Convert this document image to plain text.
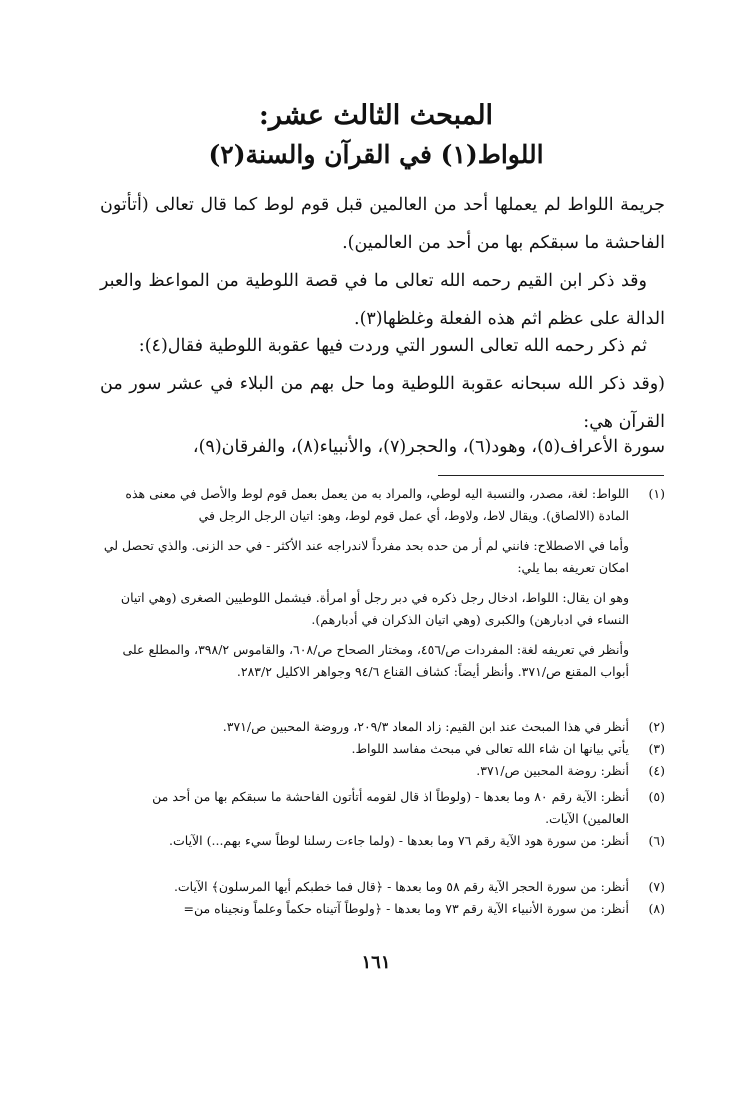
المبحث الثالث عشر:
اللواط(١) في القرآن والسنة(٢)

جريمة اللواط لم يعملها أحد من العالمين قبل قوم لوط كما قال تعالى (أتأتون الفاحشة ما سبقكم بها من أحد من العالمين).

وقد ذكر ابن القيم رحمه الله تعالى ما في قصة اللوطية من المواعظ والعبر الدالة على عظم اثم هذه الفعلة وغلظها(٣).

ثم ذكر رحمه الله تعالى السور التي وردت فيها عقوبة اللوطية فقال(٤):

(وقد ذكر الله سبحانه عقوبة اللوطية وما حل بهم من البلاء في عشر سور من القرآن هي:

سورة الأعراف(٥)، وهود(٦)، والحجر(٧)، والأنبياء(٨)، والفرقان(٩)،
(١)

اللواط: لغة، مصدر، والنسبة اليه لوطي، والمراد به من يعمل بعمل قوم لوط والأصل في معنى هذه المادة (الالصاق). ويقال لاط، ولاوط، أي عمل قوم لوط، وهو: اتيان الرجل الرجل في

وأما في الاصطلاح: فانني لم أر من حده بحد مفرداً لاندراجه عند الأكثر - في حد الزنى. والذي تحصل لي امكان تعريفه بما يلي:

وهو ان يقال: اللواط، ادخال رجل ذكره في دبر رجل أو امرأة. فيشمل اللوطيين الصغرى (وهي اتيان النساء في ادبارهن) والكبرى (وهي اتيان الذكران في أدبارهم).

وأنظر في تعريفه لغة: المفردات ص/٤٥٦، ومختار الصحاح ص/٦٠٨، والقاموس ٣٩٨/٢، والمطلع على أبواب المقنع ص/٣٧١. وأنظر أيضاً: كشاف القناع ٩٤/٦ وجواهر الاكليل ٢٨٣/٢.

(٢)

أنظر في هذا المبحث عند ابن القيم: زاد المعاد ٢٠٩/٣، وروضة المحبين ص/٣٧١.

(٣)

يأتي بيانها ان شاء الله تعالى في مبحث مفاسد اللواط.

(٤)

أنظر: روضة المحبين ص/٣٧١.

(٥)

أنظر: الآية رقم ٨٠ وما بعدها - (ولوطاً اذ قال لقومه أتأتون الفاحشة ما سبقكم بها من أحد من العالمين) الآيات.

(٦)

أنظر: من سورة هود الآية رقم ٧٦ وما بعدها - (ولما جاءت رسلنا لوطاً سيء بهم...) الآيات.

(٧)

أنظر: من سورة الحجر الآية رقم ٥٨ وما بعدها - ﴿قال فما خطبكم أيها المرسلون﴾ الآيات.

(٨)

أنظر: من سورة الأنبياء الآية رقم ٧٣ وما بعدها - ﴿ولوطاً آتيناه حكماً وعلماً ونجيناه من=

١٦١
